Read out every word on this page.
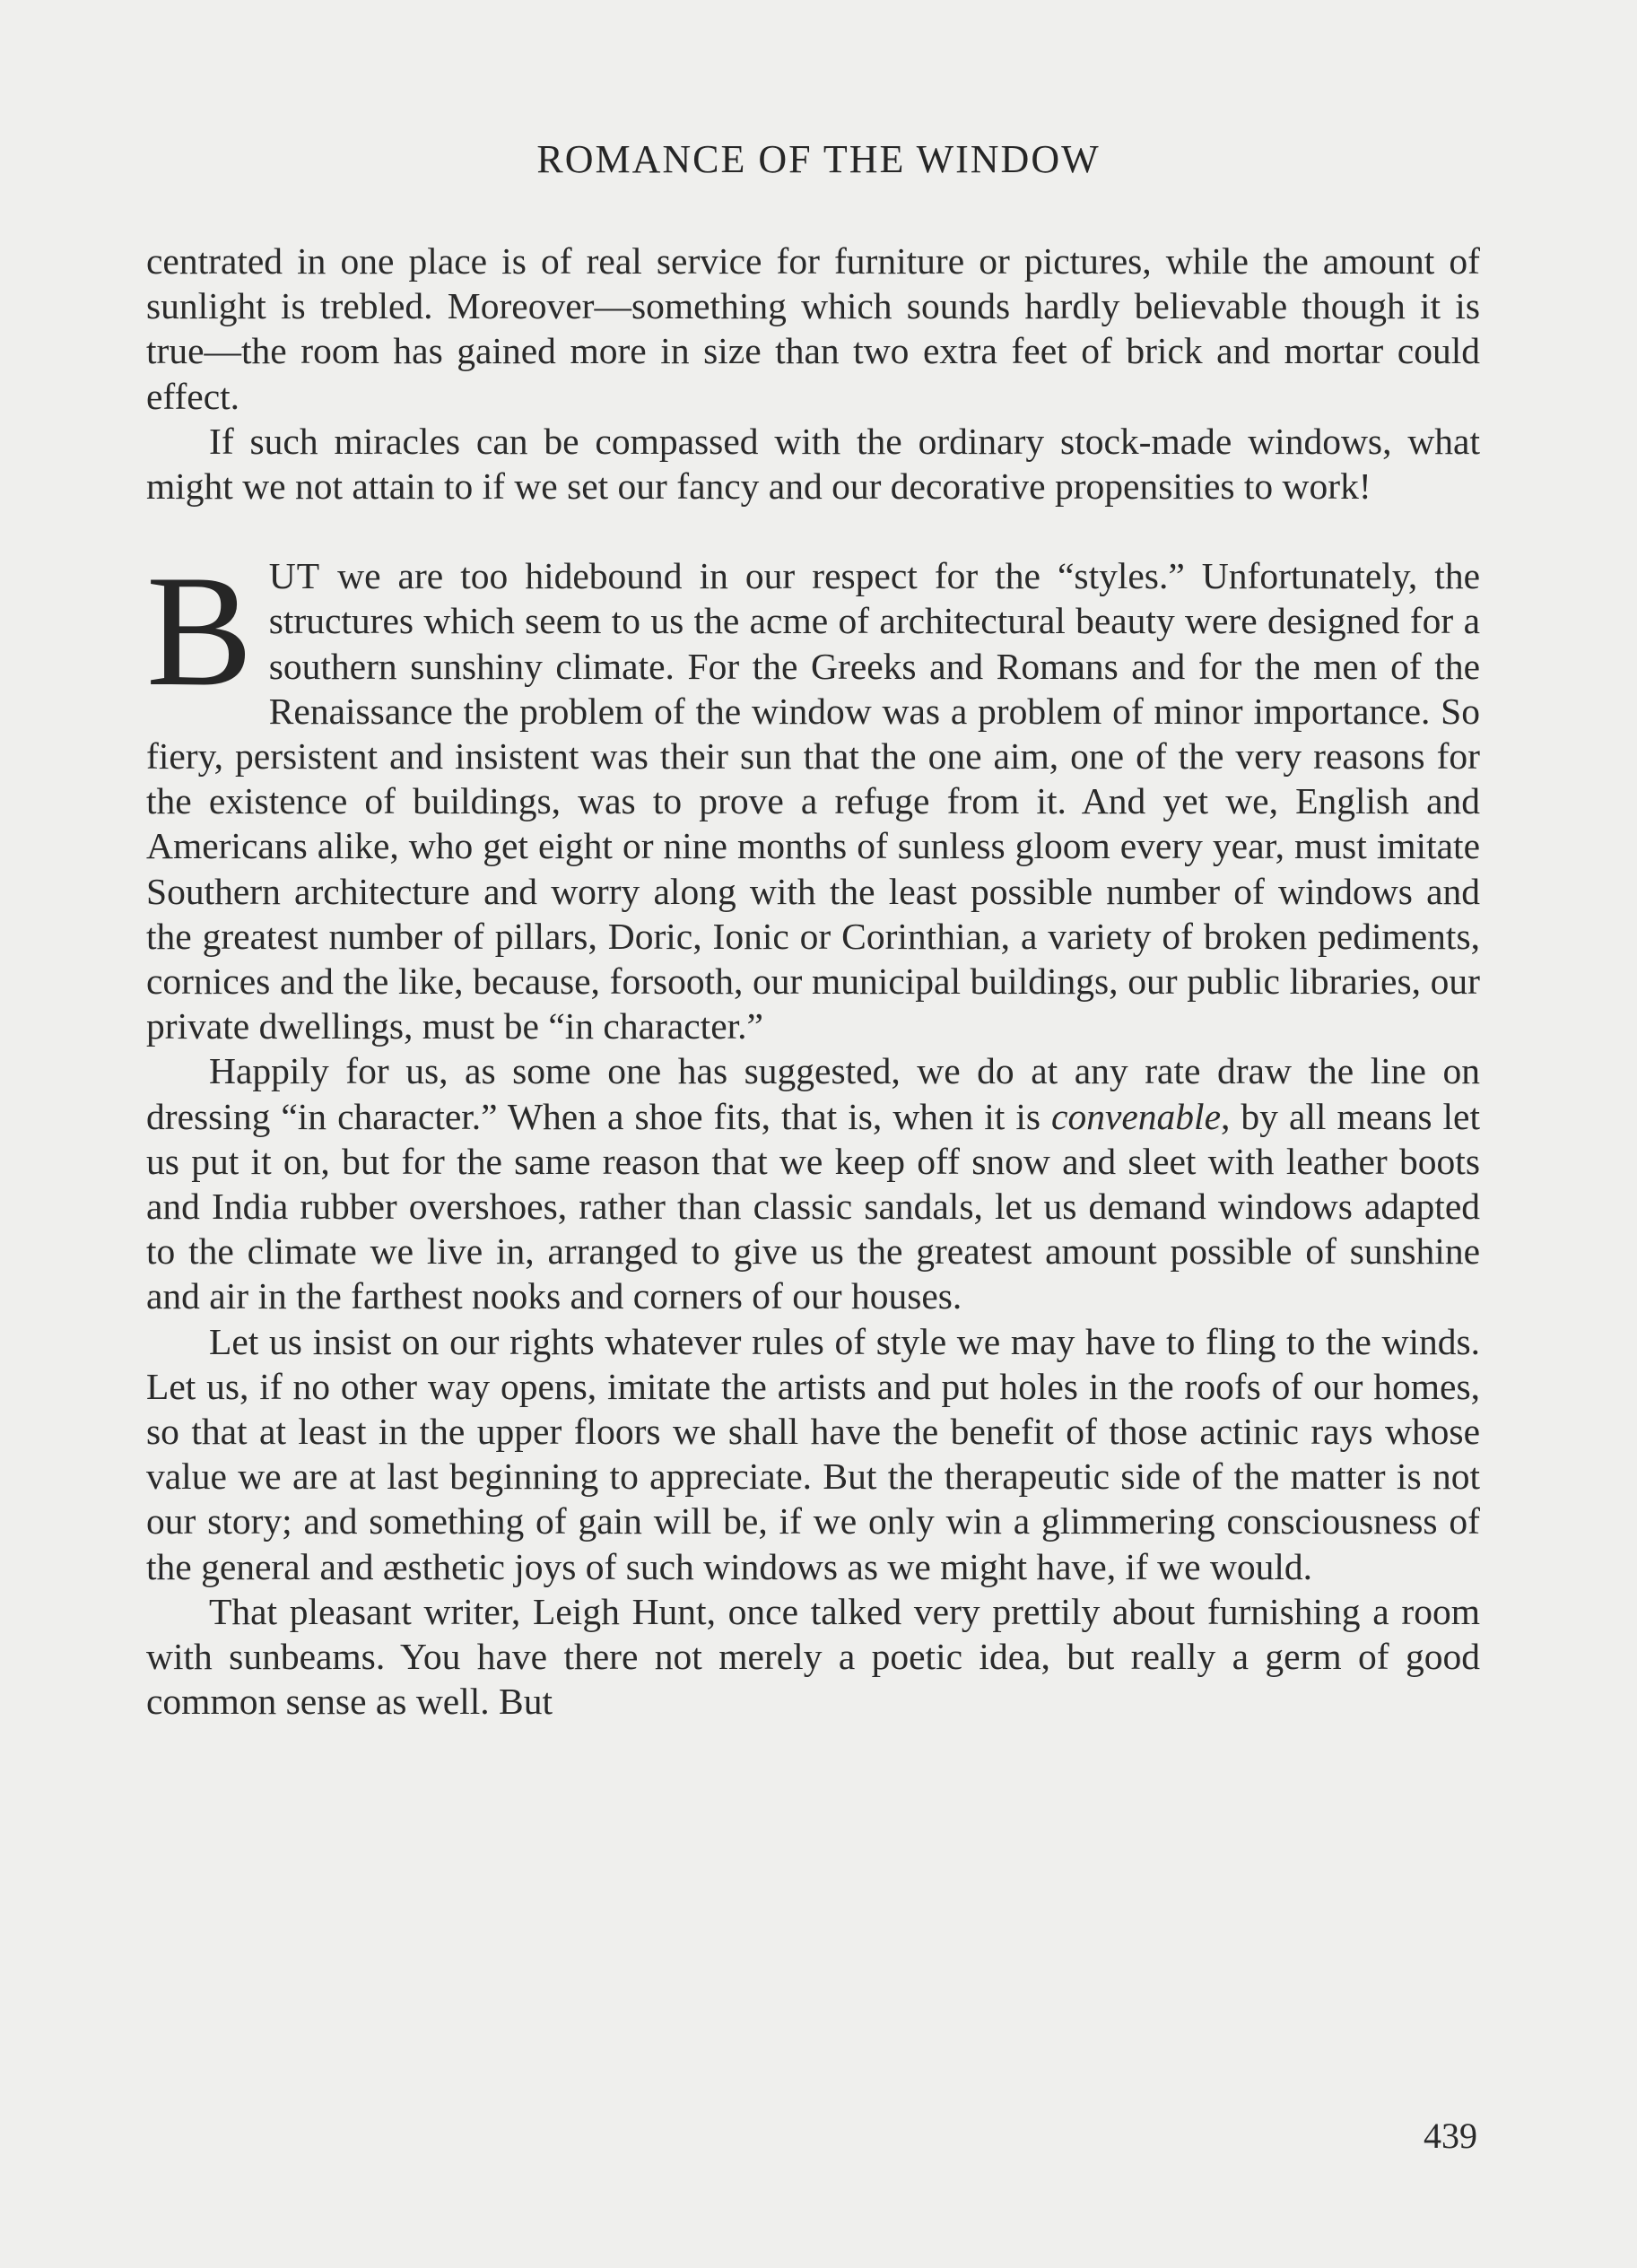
ROMANCE OF THE WINDOW

centrated in one place is of real service for furniture or pictures, while the amount of sunlight is trebled. Moreover—something which sounds hardly believable though it is true—the room has gained more in size than two extra feet of brick and mortar could effect.

If such miracles can be compassed with the ordinary stock-made windows, what might we not attain to if we set our fancy and our decorative propensities to work!

BUT we are too hidebound in our respect for the “styles.” Unfortunately, the structures which seem to us the acme of architectural beauty were designed for a southern sunshiny climate. For the Greeks and Romans and for the men of the Renaissance the problem of the window was a problem of minor importance. So fiery, persistent and insistent was their sun that the one aim, one of the very reasons for the existence of buildings, was to prove a refuge from it. And yet we, English and Americans alike, who get eight or nine months of sunless gloom every year, must imitate Southern architecture and worry along with the least possible number of windows and the greatest number of pillars, Doric, Ionic or Corinthian, a variety of broken pediments, cornices and the like, because, forsooth, our municipal buildings, our public libraries, our private dwellings, must be “in character.”

Happily for us, as some one has suggested, we do at any rate draw the line on dressing “in character.” When a shoe fits, that is, when it is convenable, by all means let us put it on, but for the same reason that we keep off snow and sleet with leather boots and India rubber overshoes, rather than classic sandals, let us demand windows adapted to the climate we live in, arranged to give us the greatest amount possible of sunshine and air in the farthest nooks and corners of our houses.

Let us insist on our rights whatever rules of style we may have to fling to the winds. Let us, if no other way opens, imitate the artists and put holes in the roofs of our homes, so that at least in the upper floors we shall have the benefit of those actinic rays whose value we are at last beginning to appreciate. But the therapeutic side of the matter is not our story; and something of gain will be, if we only win a glimmering consciousness of the general and æsthetic joys of such windows as we might have, if we would.

That pleasant writer, Leigh Hunt, once talked very prettily about furnishing a room with sunbeams. You have there not merely a poetic idea, but really a germ of good common sense as well. But

439
